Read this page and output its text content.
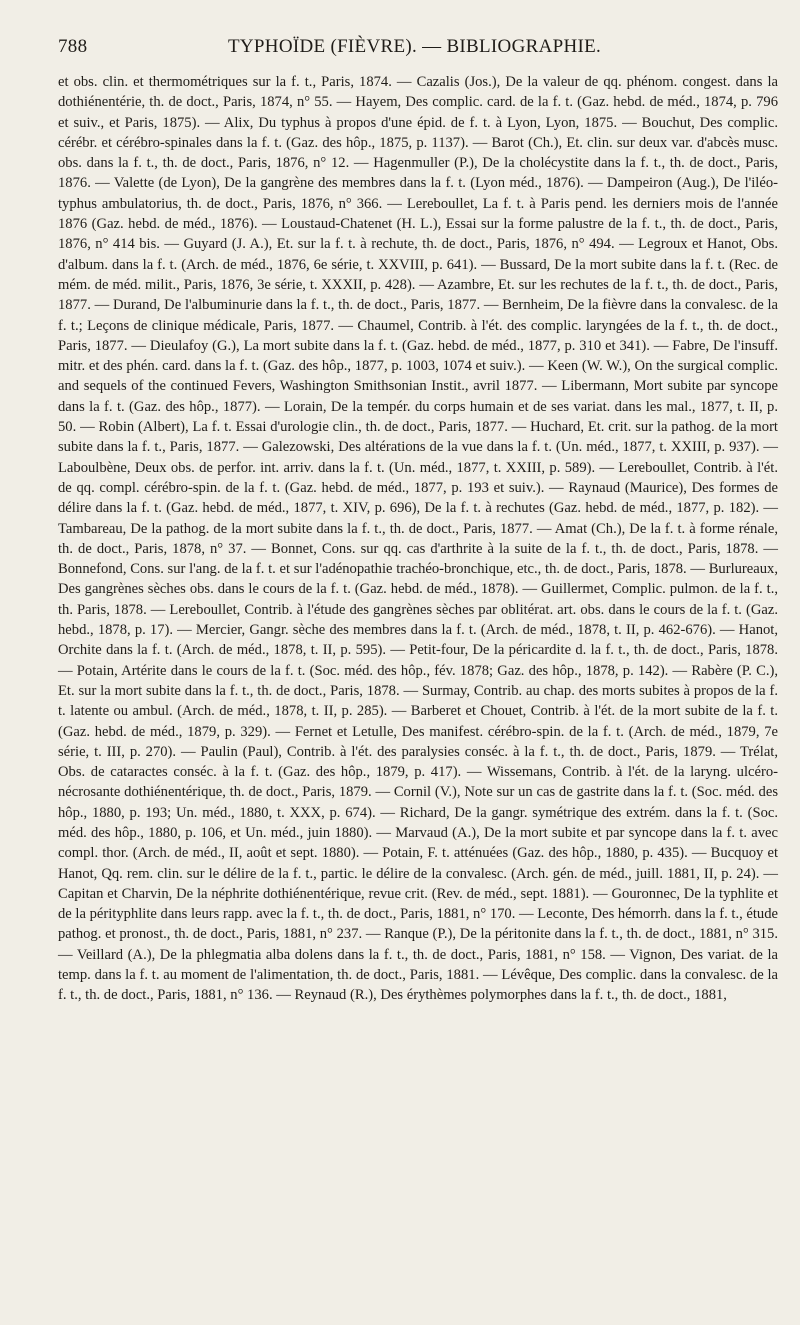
788	TYPHOÏDE (FIÈVRE). — BIBLIOGRAPHIE.
et obs. clin. et thermométriques sur la f. t., Paris, 1874. — Cazalis (Jos.), De la valeur de qq. phénom. congest. dans la dothiénentérie, th. de doct., Paris, 1874, n° 55. — Hayem, Des complic. card. de la f. t. (Gaz. hebd. de méd., 1874, p. 796 et suiv., et Paris, 1875). — Alix, Du typhus à propos d'une épid. de f. t. à Lyon, Lyon, 1875. — Bouchut, Des complic. cérébr. et cérébro-spinales dans la f. t. (Gaz. des hôp., 1875, p. 1137). — Barot (Ch.), Et. clin. sur deux var. d'abcès musc. obs. dans la f. t., th. de doct., Paris, 1876, n° 12. — Hagenmuller (P.), De la cholécystite dans la f. t., th. de doct., Paris, 1876. — Valette (de Lyon), De la gangrène des membres dans la f. t. (Lyon méd., 1876). — Dampeiron (Aug.), De l'iléo-typhus ambulatorius, th. de doct., Paris, 1876, n° 366. — Lereboullet, La f. t. à Paris pend. les derniers mois de l'année 1876 (Gaz. hebd. de méd., 1876). — Loustaud-Chatenet (H. L.), Essai sur la forme palustre de la f. t., th. de doct., Paris, 1876, n° 414 bis. — Guyard (J. A.), Et. sur la f. t. à rechute, th. de doct., Paris, 1876, n° 494. — Legroux et Hanot, Obs. d'album. dans la f. t. (Arch. de méd., 1876, 6e série, t. XXVIII, p. 641). — Bussard, De la mort subite dans la f. t. (Rec. de mém. de méd. milit., Paris, 1876, 3e série, t. XXXII, p. 428). — Azambre, Et. sur les rechutes de la f. t., th. de doct., Paris, 1877. — Durand, De l'albuminurie dans la f. t., th. de doct., Paris, 1877. — Bernheim, De la fièvre dans la convalesc. de la f. t.; Leçons de clinique médicale, Paris, 1877. — Chaumel, Contrib. à l'ét. des complic. laryngées de la f. t., th. de doct., Paris, 1877. — Dieulafoy (G.), La mort subite dans la f. t. (Gaz. hebd. de méd., 1877, p. 310 et 341). — Fabre, De l'insuff. mitr. et des phén. card. dans la f. t. (Gaz. des hôp., 1877, p. 1003, 1074 et suiv.). — Keen (W. W.), On the surgical complic. and sequels of the continued Fevers, Washington Smithsonian Instit., avril 1877. — Libermann, Mort subite par syncope dans la f. t. (Gaz. des hôp., 1877). — Lorain, De la tempér. du corps humain et de ses variat. dans les mal., 1877, t. II, p. 50. — Robin (Albert), La f. t. Essai d'urologie clin., th. de doct., Paris, 1877. — Huchard, Et. crit. sur la pathog. de la mort subite dans la f. t., Paris, 1877. — Galezowski, Des altérations de la vue dans la f. t. (Un. méd., 1877, t. XXIII, p. 937). — Laboulbène, Deux obs. de perfor. int. arriv. dans la f. t. (Un. méd., 1877, t. XXIII, p. 589). — Lereboullet, Contrib. à l'ét. de qq. compl. cérébro-spin. de la f. t. (Gaz. hebd. de méd., 1877, p. 193 et suiv.). — Raynaud (Maurice), Des formes de délire dans la f. t. (Gaz. hebd. de méd., 1877, t. XIV, p. 696), De la f. t. à rechutes (Gaz. hebd. de méd., 1877, p. 182). — Tambareau, De la pathog. de la mort subite dans la f. t., th. de doct., Paris, 1877. — Amat (Ch.), De la f. t. à forme rénale, th. de doct., Paris, 1878, n° 37. — Bonnet, Cons. sur qq. cas d'arthrite à la suite de la f. t., th. de doct., Paris, 1878. — Bonnefond, Cons. sur l'ang. de la f. t. et sur l'adénopathie trachéo-bronchique, etc., th. de doct., Paris, 1878. — Burlureaux, Des gangrènes sèches obs. dans le cours de la f. t. (Gaz. hebd. de méd., 1878). — Guillermet, Complic. pulmon. de la f. t., th. Paris, 1878. — Lereboullet, Contrib. à l'étude des gangrènes sèches par oblitérat. art. obs. dans le cours de la f. t. (Gaz. hebd., 1878, p. 17). — Mercier, Gangr. sèche des membres dans la f. t. (Arch. de méd., 1878, t. II, p. 462-676). — Hanot, Orchite dans la f. t. (Arch. de méd., 1878, t. II, p. 595). — Petit-four, De la péricardite d. la f. t., th. de doct., Paris, 1878. — Potain, Artérite dans le cours de la f. t. (Soc. méd. des hôp., fév. 1878; Gaz. des hôp., 1878, p. 142). — Rabère (P. C.), Et. sur la mort subite dans la f. t., th. de doct., Paris, 1878. — Surmay, Contrib. au chap. des morts subites à propos de la f. t. latente ou ambul. (Arch. de méd., 1878, t. II, p. 285). — Barberet et Chouet, Contrib. à l'ét. de la mort subite de la f. t. (Gaz. hebd. de méd., 1879, p. 329). — Fernet et Letulle, Des manifest. cérébro-spin. de la f. t. (Arch. de méd., 1879, 7e série, t. III, p. 270). — Paulin (Paul), Contrib. à l'ét. des paralysies conséc. à la f. t., th. de doct., Paris, 1879. — Trélat, Obs. de cataractes conséc. à la f. t. (Gaz. des hôp., 1879, p. 417). — Wissemans, Contrib. à l'ét. de la laryng. ulcéro-nécrosante dothiénentérique, th. de doct., Paris, 1879. — Cornil (V.), Note sur un cas de gastrite dans la f. t. (Soc. méd. des hôp., 1880, p. 193; Un. méd., 1880, t. XXX, p. 674). — Richard, De la gangr. symétrique des extrém. dans la f. t. (Soc. méd. des hôp., 1880, p. 106, et Un. méd., juin 1880). — Marvaud (A.), De la mort subite et par syncope dans la f. t. avec compl. thor. (Arch. de méd., II, août et sept. 1880). — Potain, F. t. atténuées (Gaz. des hôp., 1880, p. 435). — Bucquoy et Hanot, Qq. rem. clin. sur le délire de la f. t., partic. le délire de la convalesc. (Arch. gén. de méd., juill. 1881, II, p. 24). — Capitan et Charvin, De la néphrite dothiénentérique, revue crit. (Rev. de méd., sept. 1881). — Gouronnec, De la typhlite et de la pérityphlite dans leurs rapp. avec la f. t., th. de doct., Paris, 1881, n° 170. — Leconte, Des hémorrh. dans la f. t., étude pathog. et pronost., th. de doct., Paris, 1881, n° 237. — Ranque (P.), De la péritonite dans la f. t., th. de doct., 1881, n° 315. — Veillard (A.), De la phlegmatia alba dolens dans la f. t., th. de doct., Paris, 1881, n° 158. — Vignon, Des variat. de la temp. dans la f. t. au moment de l'alimentation, th. de doct., Paris, 1881. — Lévêque, Des complic. dans la convalesc. de la f. t., th. de doct., Paris, 1881, n° 136. — Reynaud (R.), Des érythèmes polymorphes dans la f. t., th. de doct., 1881,
